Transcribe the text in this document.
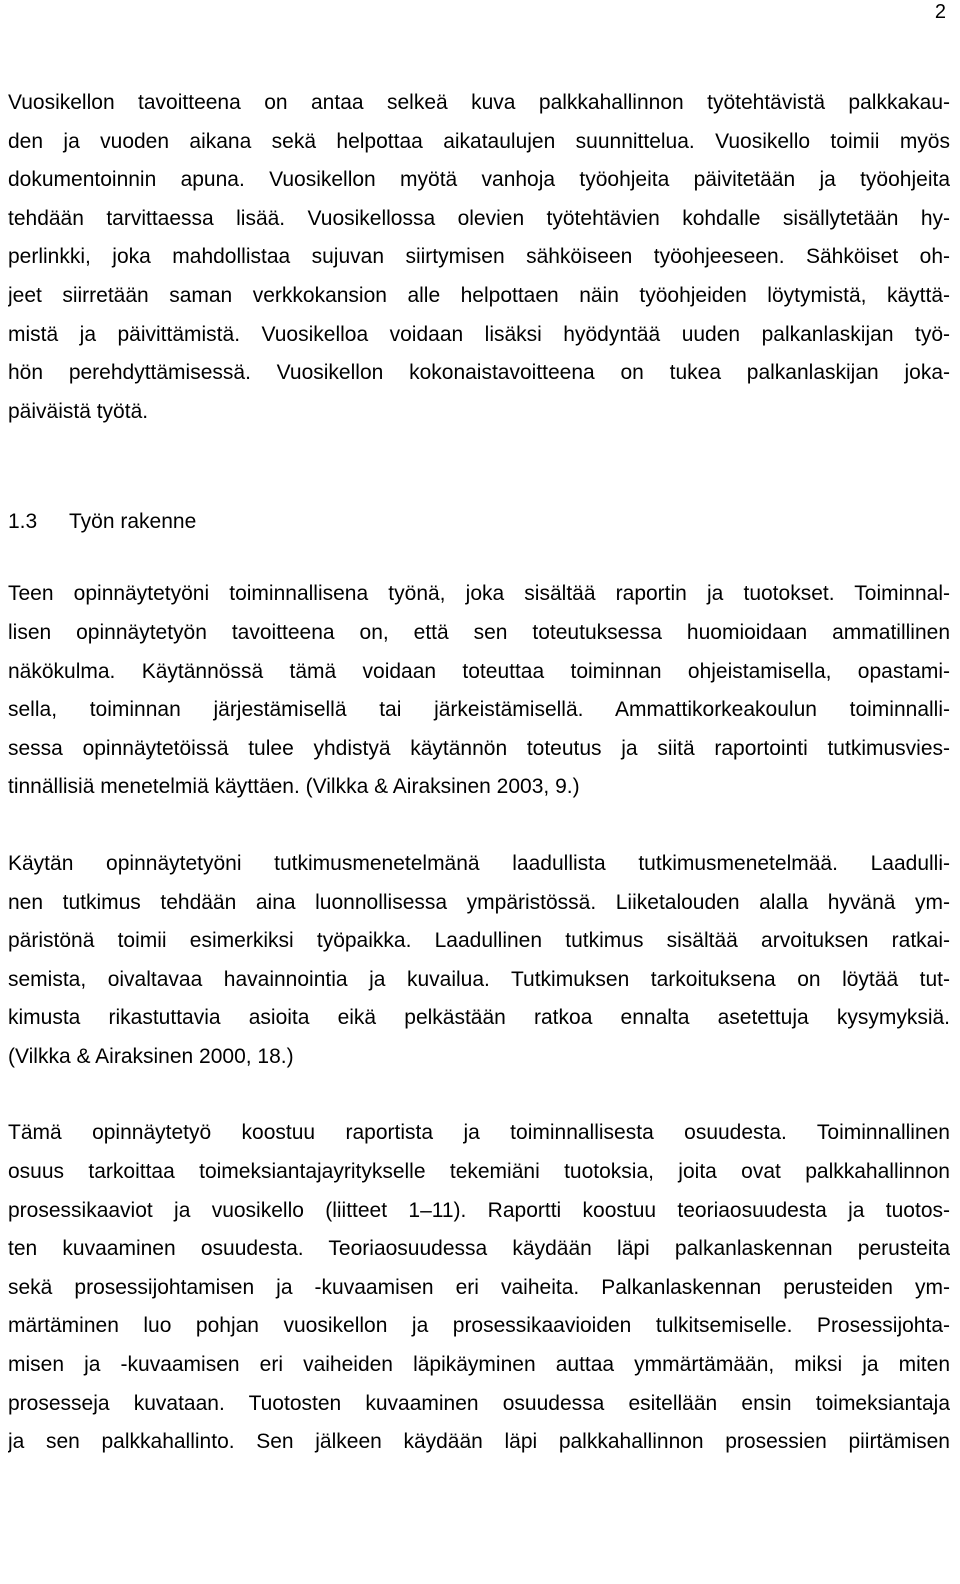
2
Vuosikellon tavoitteena on antaa selkeä kuva palkkahallinnon työtehtävistä palkkakau-
den ja vuoden aikana sekä helpottaa aikataulujen suunnittelua. Vuosikello toimii myös
dokumentoinnin apuna. Vuosikellon myötä vanhoja työohjeita päivitetään ja työohjeita
tehdään tarvittaessa lisää. Vuosikellossa olevien työtehtävien kohdalle sisällytetään hy-
perlinkki, joka mahdollistaa sujuvan siirtymisen sähköiseen työohjeeseen. Sähköiset oh-
jeet siirretään saman verkkokansion alle helpottaen näin työohjeiden löytymistä, käyttä-
mistä ja päivittämistä. Vuosikelloa voidaan lisäksi hyödyntää uuden palkanlaskijan työ-
hön perehdyttämisessä. Vuosikellon kokonaistavoitteena on tukea palkanlaskijan joka-
päiväistä työtä.
1.3 Työn rakenne
Teen opinnäytetyöni toiminnallisena työnä, joka sisältää raportin ja tuotokset. Toiminnal-
lisen opinnäytetyön tavoitteena on, että sen toteutuksessa huomioidaan ammatillinen
näkökulma. Käytännössä tämä voidaan toteuttaa toiminnan ohjeistamisella, opastami-
sella, toiminnan järjestämisellä tai järkeistämisellä. Ammattikorkeakoulun toiminnalli-
sessa opinnäytetöissä tulee yhdistyä käytännön toteutus ja siitä raportointi tutkimusvies-
tinnällisiä menetelmiä käyttäen. (Vilkka & Airaksinen 2003, 9.)
Käytän opinnäytetyöni tutkimusmenetelmänä laadullista tutkimusmenetelmää. Laadulli-
nen tutkimus tehdään aina luonnollisessa ympäristössä. Liiketalouden alalla hyvänä ym-
päristönä toimii esimerkiksi työpaikka. Laadullinen tutkimus sisältää arvoituksen ratkai-
semista, oivaltavaa havainnointia ja kuvailua. Tutkimuksen tarkoituksena on löytää tut-
kimusta rikastuttavia asioita eikä pelkästään ratkoa ennalta asetettuja kysymyksiä.
(Vilkka & Airaksinen 2000, 18.)
Tämä opinnäytetyö koostuu raportista ja toiminnallisesta osuudesta. Toiminnallinen
osuus tarkoittaa toimeksiantajayritykselle tekemiäni tuotoksia, joita ovat palkkahallinnon
prosessikaaviot ja vuosikello (liitteet 1–11). Raportti koostuu teoriaosuudesta ja tuotos-
ten kuvaaminen osuudesta. Teoriaosuudessa käydään läpi palkanlaskennan perusteita
sekä prosessijohtamisen ja -kuvaamisen eri vaiheita. Palkanlaskennan perusteiden ym-
märtäminen luo pohjan vuosikellon ja prosessikaavioiden tulkitsemiselle. Prosessijohta-
misen ja -kuvaamisen eri vaiheiden läpikäyminen auttaa ymmärtämään, miksi ja miten
prosesseja kuvataan. Tuotosten kuvaaminen osuudessa esitellään ensin toimeksiantaja
ja sen palkkahallinto. Sen jälkeen käydään läpi palkkahallinnon prosessien piirtämisen
